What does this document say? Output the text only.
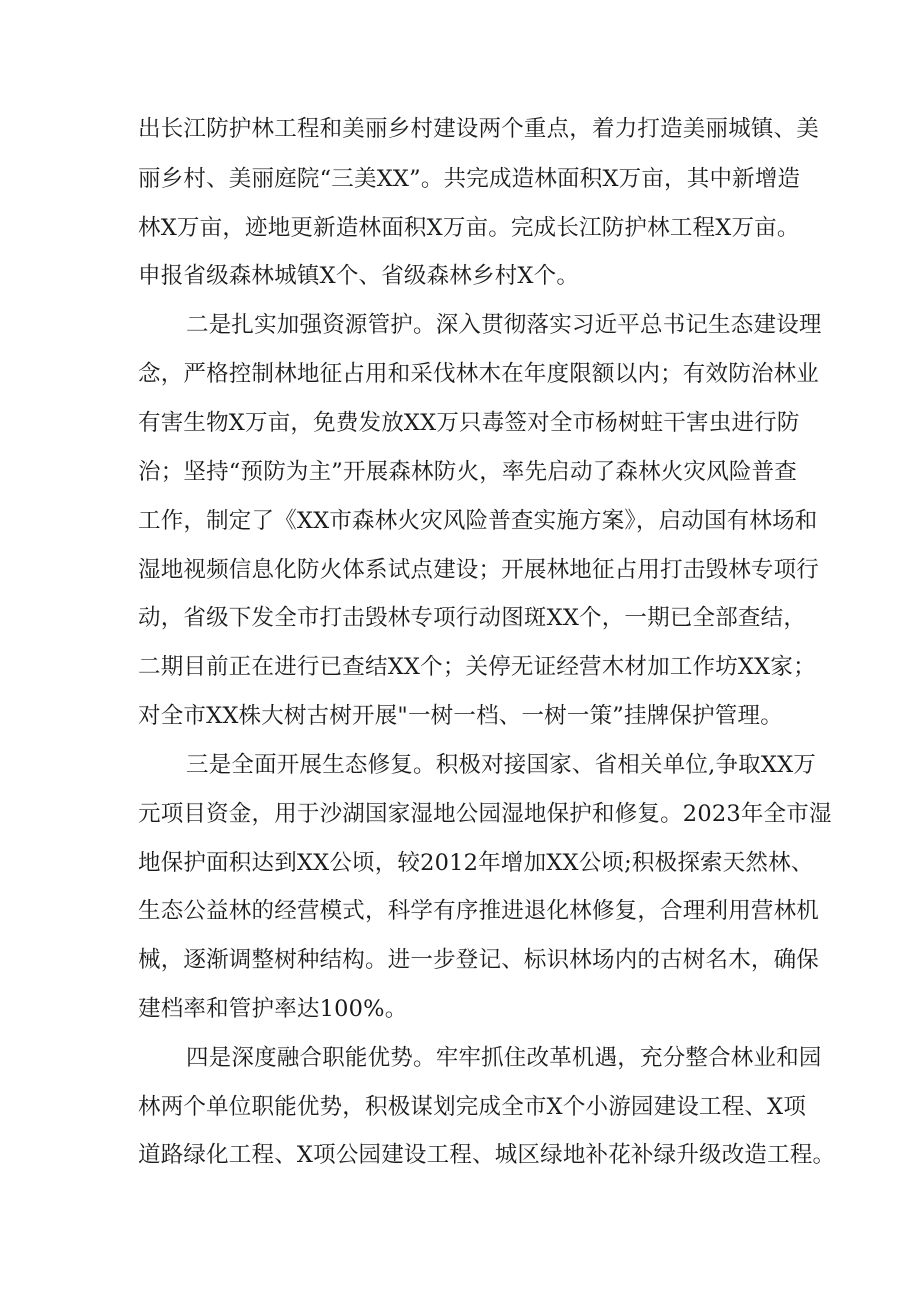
出长江防护林工程和美丽乡村建设两个重点，着力打造美丽城镇、美
丽乡村、美丽庭院“三美XX”。共完成造林面积X万亩，其中新增造
林X万亩，迹地更新造林面积X万亩。完成长江防护林工程X万亩。
申报省级森林城镇X个、省级森林乡村X个。
二是扎实加强资源管护。深入贯彻落实习近平总书记生态建设理
念，严格控制林地征占用和采伐林木在年度限额以内；有效防治林业
有害生物X万亩，免费发放XX万只毒签对全市杨树蛀干害虫进行防
治；坚持“预防为主”开展森林防火，率先启动了森林火灾风险普查
工作，制定了《XX市森林火灾风险普查实施方案》，启动国有林场和
湿地视频信息化防火体系试点建设；开展林地征占用打击毁林专项行
动，省级下发全市打击毁林专项行动图斑XX个，一期已全部查结，
二期目前正在进行已查结XX个；关停无证经营木材加工作坊XX家；
对全市XX株大树古树开展"一树一档、一树一策”挂牌保护管理。
三是全面开展生态修复。积极对接国家、省相关单位,争取XX万
元项目资金，用于沙湖国家湿地公园湿地保护和修复。2023年全市湿
地保护面积达到XX公顷，较2012年增加XX公顷;积极探索天然林、
生态公益林的经营模式，科学有序推进退化林修复，合理利用营林机
械，逐渐调整树种结构。进一步登记、标识林场内的古树名木，确保
建档率和管护率达100%。
四是深度融合职能优势。牢牢抓住改革机遇，充分整合林业和园
林两个单位职能优势，积极谋划完成全市X个小游园建设工程、X项
道路绿化工程、X项公园建设工程、城区绿地补花补绿升级改造工程。
